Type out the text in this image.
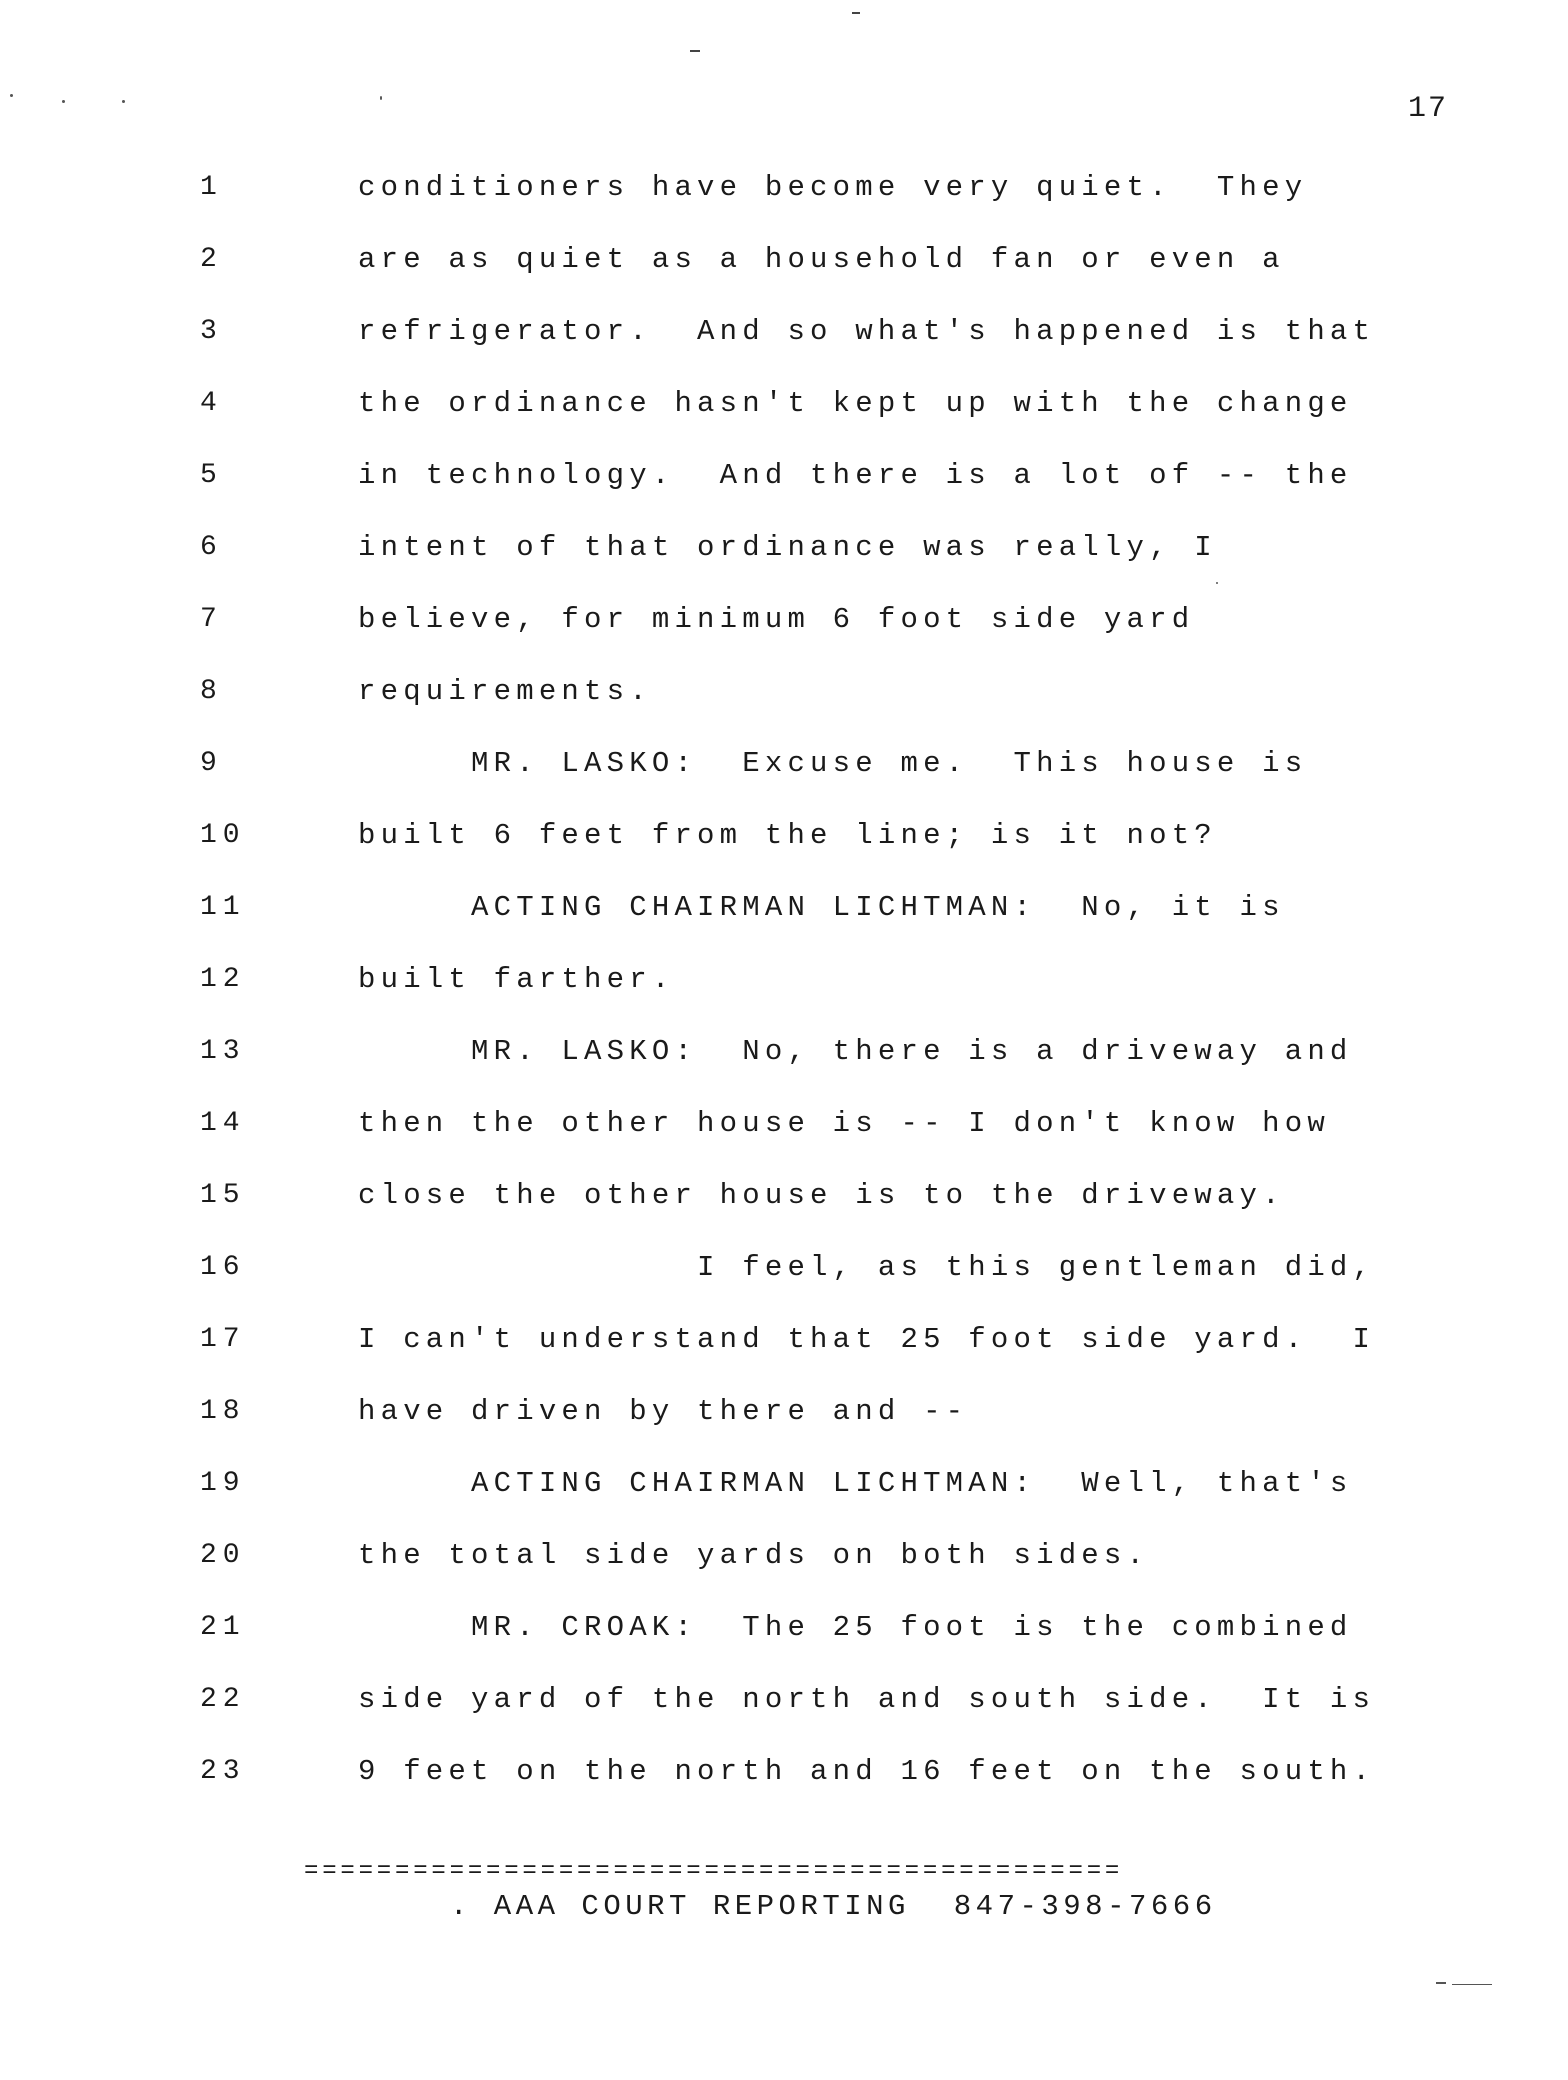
17
1	conditioners have become very quiet.  They
2	are as quiet as a household fan or even a
3	refrigerator.  And so what's happened is that
4	the ordinance hasn't kept up with the change
5	in technology.  And there is a lot of -- the
6	intent of that ordinance was really, I
7	believe, for minimum 6 foot side yard
8	requirements.
9	MR. LASKO:  Excuse me.  This house is
10	built 6 feet from the line; is it not?
11	ACTING CHAIRMAN LICHTMAN:  No, it is
12	built farther.
13	MR. LASKO:  No, there is a driveway and
14	then the other house is -- I don't know how
15	close the other house is to the driveway.
16	I feel, as this gentleman did,
17	I can't understand that 25 foot side yard.  I
18	have driven by there and --
19	ACTING CHAIRMAN LICHTMAN:  Well, that's
20	the total side yards on both sides.
21	MR. CROAK:  The 25 foot is the combined
22	side yard of the north and south side.  It is
23	9 feet on the north and 16 feet on the south.
=============================================
. AAA COURT REPORTING  847-398-7666
